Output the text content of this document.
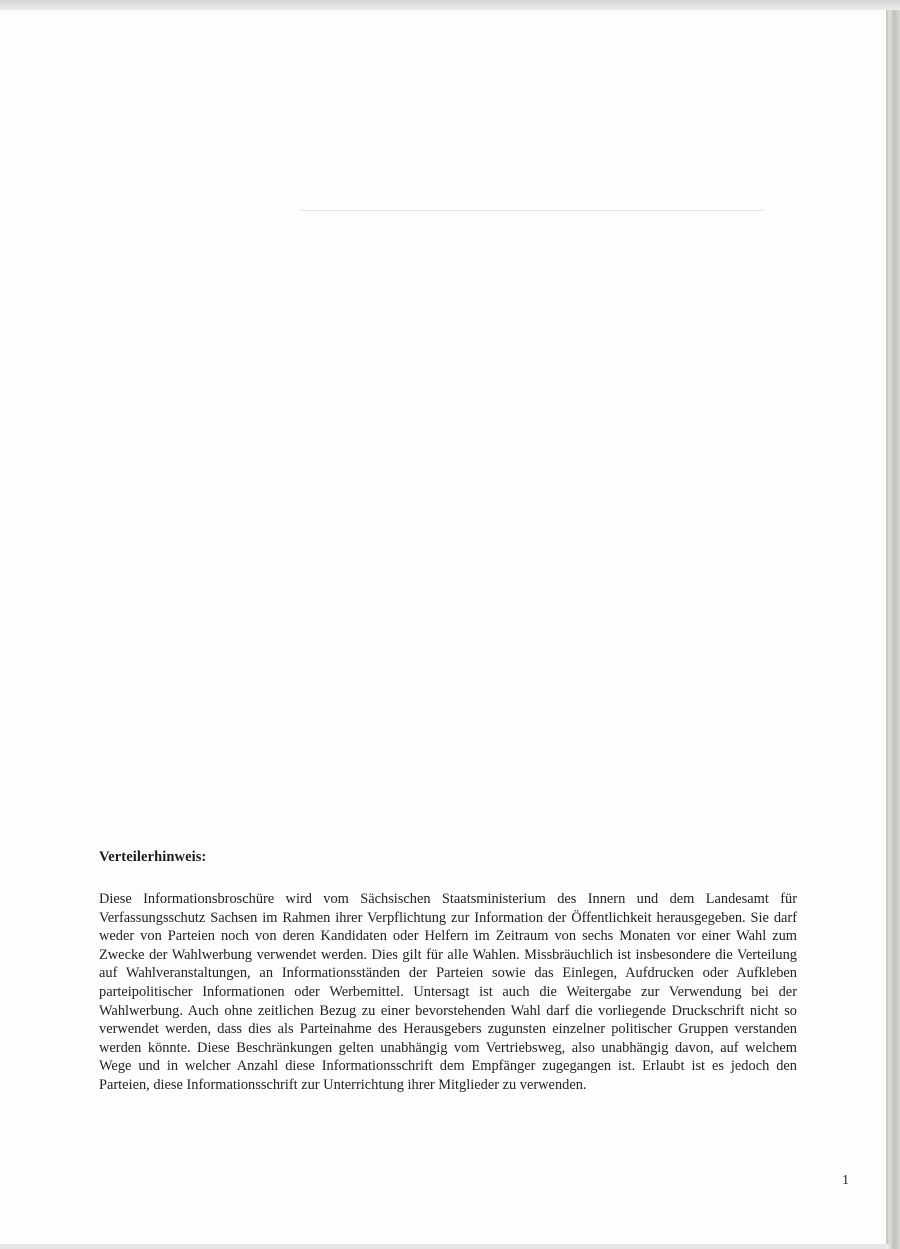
Verteilerhinweis:

Diese Informationsbroschüre wird vom Sächsischen Staatsministerium des Innern und dem Landesamt für Verfassungsschutz Sachsen im Rahmen ihrer Verpflichtung zur Information der Öffentlichkeit herausgegeben. Sie darf weder von Parteien noch von deren Kandidaten oder Helfern im Zeitraum von sechs Monaten vor einer Wahl zum Zwecke der Wahlwerbung verwendet werden. Dies gilt für alle Wahlen. Missbräuchlich ist insbesondere die Verteilung auf Wahlveranstaltungen, an Informationsständen der Parteien sowie das Einlegen, Aufdrucken oder Aufkleben parteipolitischer Informationen oder Werbemittel. Untersagt ist auch die Weitergabe zur Verwendung bei der Wahlwerbung. Auch ohne zeitlichen Bezug zu einer bevorstehenden Wahl darf die vorliegende Druckschrift nicht so verwendet werden, dass dies als Parteinahme des Herausgebers zugunsten einzelner politischer Gruppen verstanden werden könnte. Diese Beschränkungen gelten unabhängig vom Vertriebsweg, also unabhängig davon, auf welchem Wege und in welcher Anzahl diese Informationsschrift dem Empfänger zugegangen ist. Erlaubt ist es jedoch den Parteien, diese Informationsschrift zur Unterrichtung ihrer Mitglieder zu verwenden.

1
